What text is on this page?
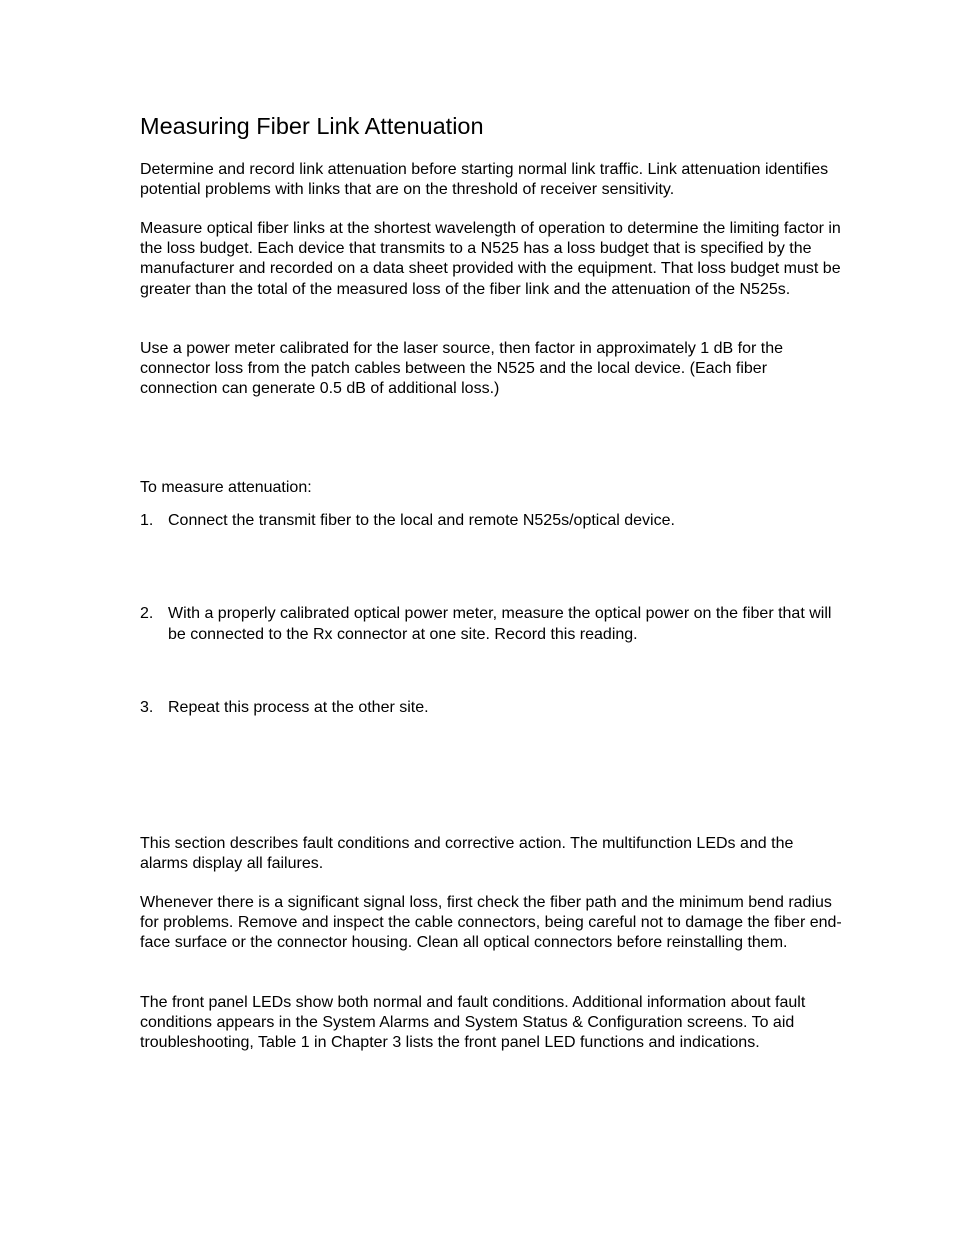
Measuring Fiber Link Attenuation

Determine and record link attenuation before starting normal link traffic. Link attenuation identifies potential problems with links that are on the threshold of receiver sensitivity.

Measure optical fiber links at the shortest wavelength of operation to determine the limiting factor in the loss budget. Each device that transmits to a N525 has a loss budget that is specified by the manufacturer and recorded on a data sheet provided with the equipment. That loss budget must be greater than the total of the measured loss of the fiber link and the attenuation of the N525s.

Use a power meter calibrated for the laser source, then factor in approximately 1 dB for the connector loss from the patch cables between the N525 and the local device. (Each fiber connection can generate 0.5 dB of additional loss.)

To measure attenuation:

1. Connect the transmit fiber to the local and remote N525s/optical device.
2. With a properly calibrated optical power meter, measure the optical power on the fiber that will be connected to the Rx connector at one site. Record this reading.
3. Repeat this process at the other site.

This section describes fault conditions and corrective action. The multifunction LEDs and the alarms display all failures.

Whenever there is a significant signal loss, first check the fiber path and the minimum bend radius for problems. Remove and inspect the cable connectors, being careful not to damage the fiber end-face surface or the connector housing. Clean all optical connectors before reinstalling them.

The front panel LEDs show both normal and fault conditions. Additional information about fault conditions appears in the System Alarms and System Status & Configuration screens. To aid troubleshooting, Table 1 in Chapter 3 lists the front panel LED functions and indications.
